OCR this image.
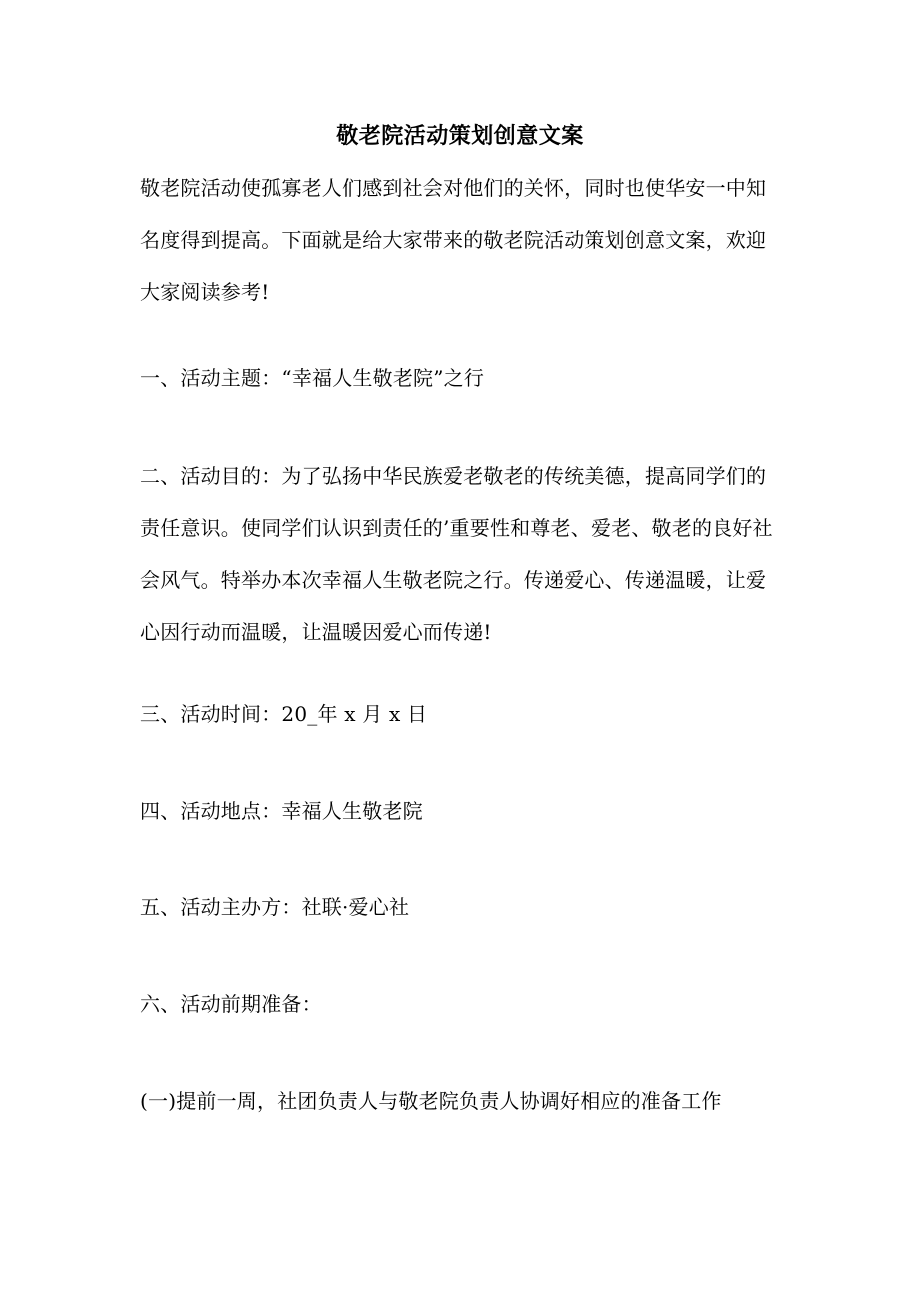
敬老院活动策划创意文案
敬老院活动使孤寡老人们感到社会对他们的关怀，同时也使华安一中知名度得到提高。下面就是给大家带来的敬老院活动策划创意文案，欢迎大家阅读参考!
一、活动主题：“幸福人生敬老院”之行
二、活动目的：为了弘扬中华民族爱老敬老的传统美德，提高同学们的责任意识。使同学们认识到责任的’重要性和尊老、爱老、敬老的良好社会风气。特举办本次幸福人生敬老院之行。传递爱心、传递温暖，让爱心因行动而温暖，让温暖因爱心而传递!
三、活动时间：20_年 x 月 x 日
四、活动地点：幸福人生敬老院
五、活动主办方：社联·爱心社
六、活动前期准备：
(一)提前一周，社团负责人与敬老院负责人协调好相应的准备工作
